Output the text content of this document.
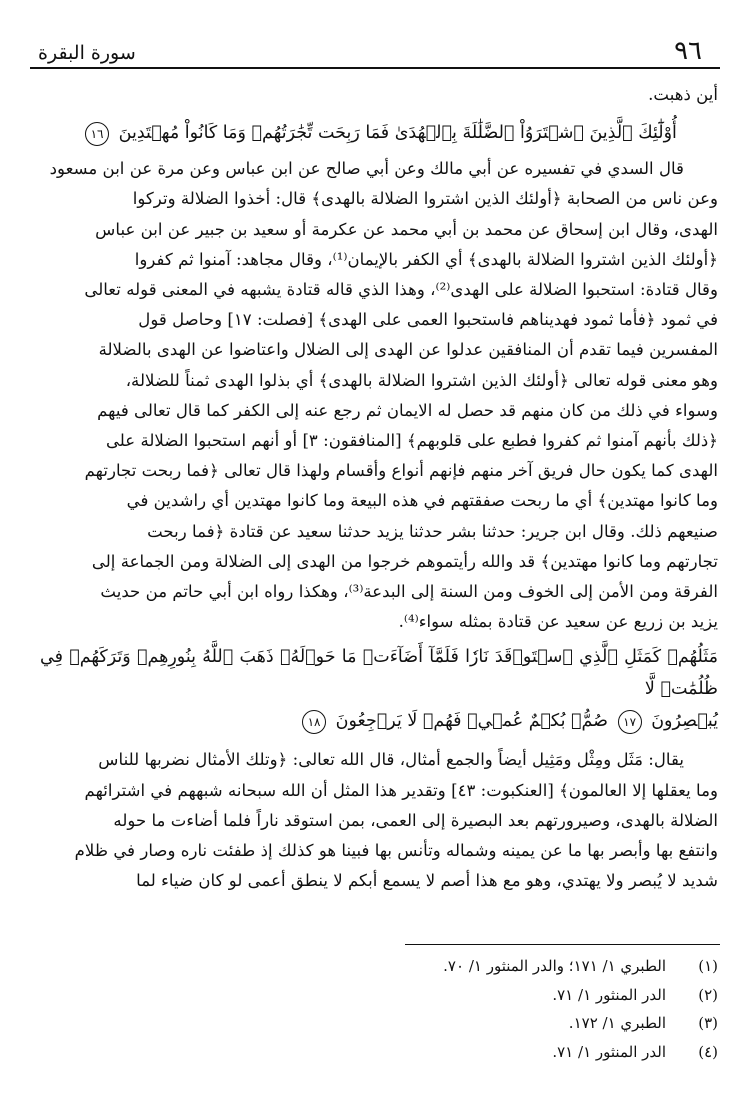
٩٦
سورة البقرة

أين ذهبت.

أُوْلَٰٓئِكَ ٱلَّذِينَ ٱشۡتَرَوُاْ ٱلضَّلَٰلَةَ بِٱلۡهُدَىٰ فَمَا رَبِحَت تِّجَٰرَتُهُمۡ وَمَا كَانُواْ مُهۡتَدِينَ ١٦

قال السدي في تفسيره عن أبي مالك وعن أبي صالح عن ابن عباس وعن مرة عن ابن مسعود

وعن ناس من الصحابة ﴿أولئك الذين اشتروا الضلالة بالهدى﴾ قال: أخذوا الضلالة وتركوا

الهدى، وقال ابن إسحاق عن محمد بن أبي محمد عن عكرمة أو سعيد بن جبير عن ابن عباس

﴿أولئك الذين اشتروا الضلالة بالهدى﴾ أي الكفر بالإيمان⁽¹⁾، وقال مجاهد: آمنوا ثم كفروا

وقال قتادة: استحبوا الضلالة على الهدى⁽²⁾، وهذا الذي قاله قتادة يشبهه في المعنى قوله تعالى

في ثمود ﴿فأما ثمود فهديناهم فاستحبوا العمى على الهدى﴾ [فصلت: ١٧] وحاصل قول

المفسرين فيما تقدم أن المنافقين عدلوا عن الهدى إلى الضلال واعتاضوا عن الهدى بالضلالة

وهو معنى قوله تعالى ﴿أولئك الذين اشتروا الضلالة بالهدى﴾ أي بذلوا الهدى ثمناً للضلالة،

وسواء في ذلك من كان منهم قد حصل له الايمان ثم رجع عنه إلى الكفر كما قال تعالى فيهم

﴿ذلك بأنهم آمنوا ثم كفروا فطبع على قلوبهم﴾ [المنافقون: ٣] أو أنهم استحبوا الضلالة على

الهدى كما يكون حال فريق آخر منهم فإنهم أنواع وأقسام ولهذا قال تعالى ﴿فما ربحت تجارتهم

وما كانوا مهتدين﴾ أي ما ربحت صفقتهم في هذه البيعة وما كانوا مهتدين أي راشدين في

صنيعهم ذلك. وقال ابن جرير: حدثنا بشر حدثنا يزيد حدثنا سعيد عن قتادة ﴿فما ربحت

تجارتهم وما كانوا مهتدين﴾ قد والله رأيتموهم خرجوا من الهدى إلى الضلالة ومن الجماعة إلى

الفرقة ومن الأمن إلى الخوف ومن السنة إلى البدعة⁽³⁾، وهكذا رواه ابن أبي حاتم من حديث

يزيد بن زريع عن سعيد عن قتادة بمثله سواء⁽⁴⁾.

مَثَلُهُمۡ كَمَثَلِ ٱلَّذِي ٱسۡتَوۡقَدَ نَارٗا فَلَمَّآ أَضَآءَتۡ مَا حَوۡلَهُۥ ذَهَبَ ٱللَّهُ بِنُورِهِمۡ وَتَرَكَهُمۡ فِي ظُلُمَٰتٖ لَّا
يُبۡصِرُونَ ١٧ صُمُّۢ بُكۡمٌ عُمۡيٞ فَهُمۡ لَا يَرۡجِعُونَ ١٨

يقال: مَثَل ومِثْل ومَثِيل أيضاً والجمع أمثال، قال الله تعالى: ﴿وتلك الأمثال نضربها للناس

وما يعقلها إلا العالمون﴾ [العنكبوت: ٤٣] وتقدير هذا المثل أن الله سبحانه شبههم في اشترائهم

الضلالة بالهدى، وصيرورتهم بعد البصيرة إلى العمى، بمن استوقد ناراً فلما أضاءت ما حوله

وانتفع بها وأبصر بها ما عن يمينه وشماله وتأنس بها فبينا هو كذلك إذ طفئت ناره وصار في ظلام

شديد لا يُبصر ولا يهتدي، وهو مع هذا أصم لا يسمع أبكم لا ينطق أعمى لو كان ضياء لما

(١)
الطبري ١/ ١٧١؛ والدر المنثور ١/ ٧٠.
(٢)
الدر المنثور ١/ ٧١.
(٣)
الطبري ١/ ١٧٢.
(٤)
الدر المنثور ١/ ٧١.
